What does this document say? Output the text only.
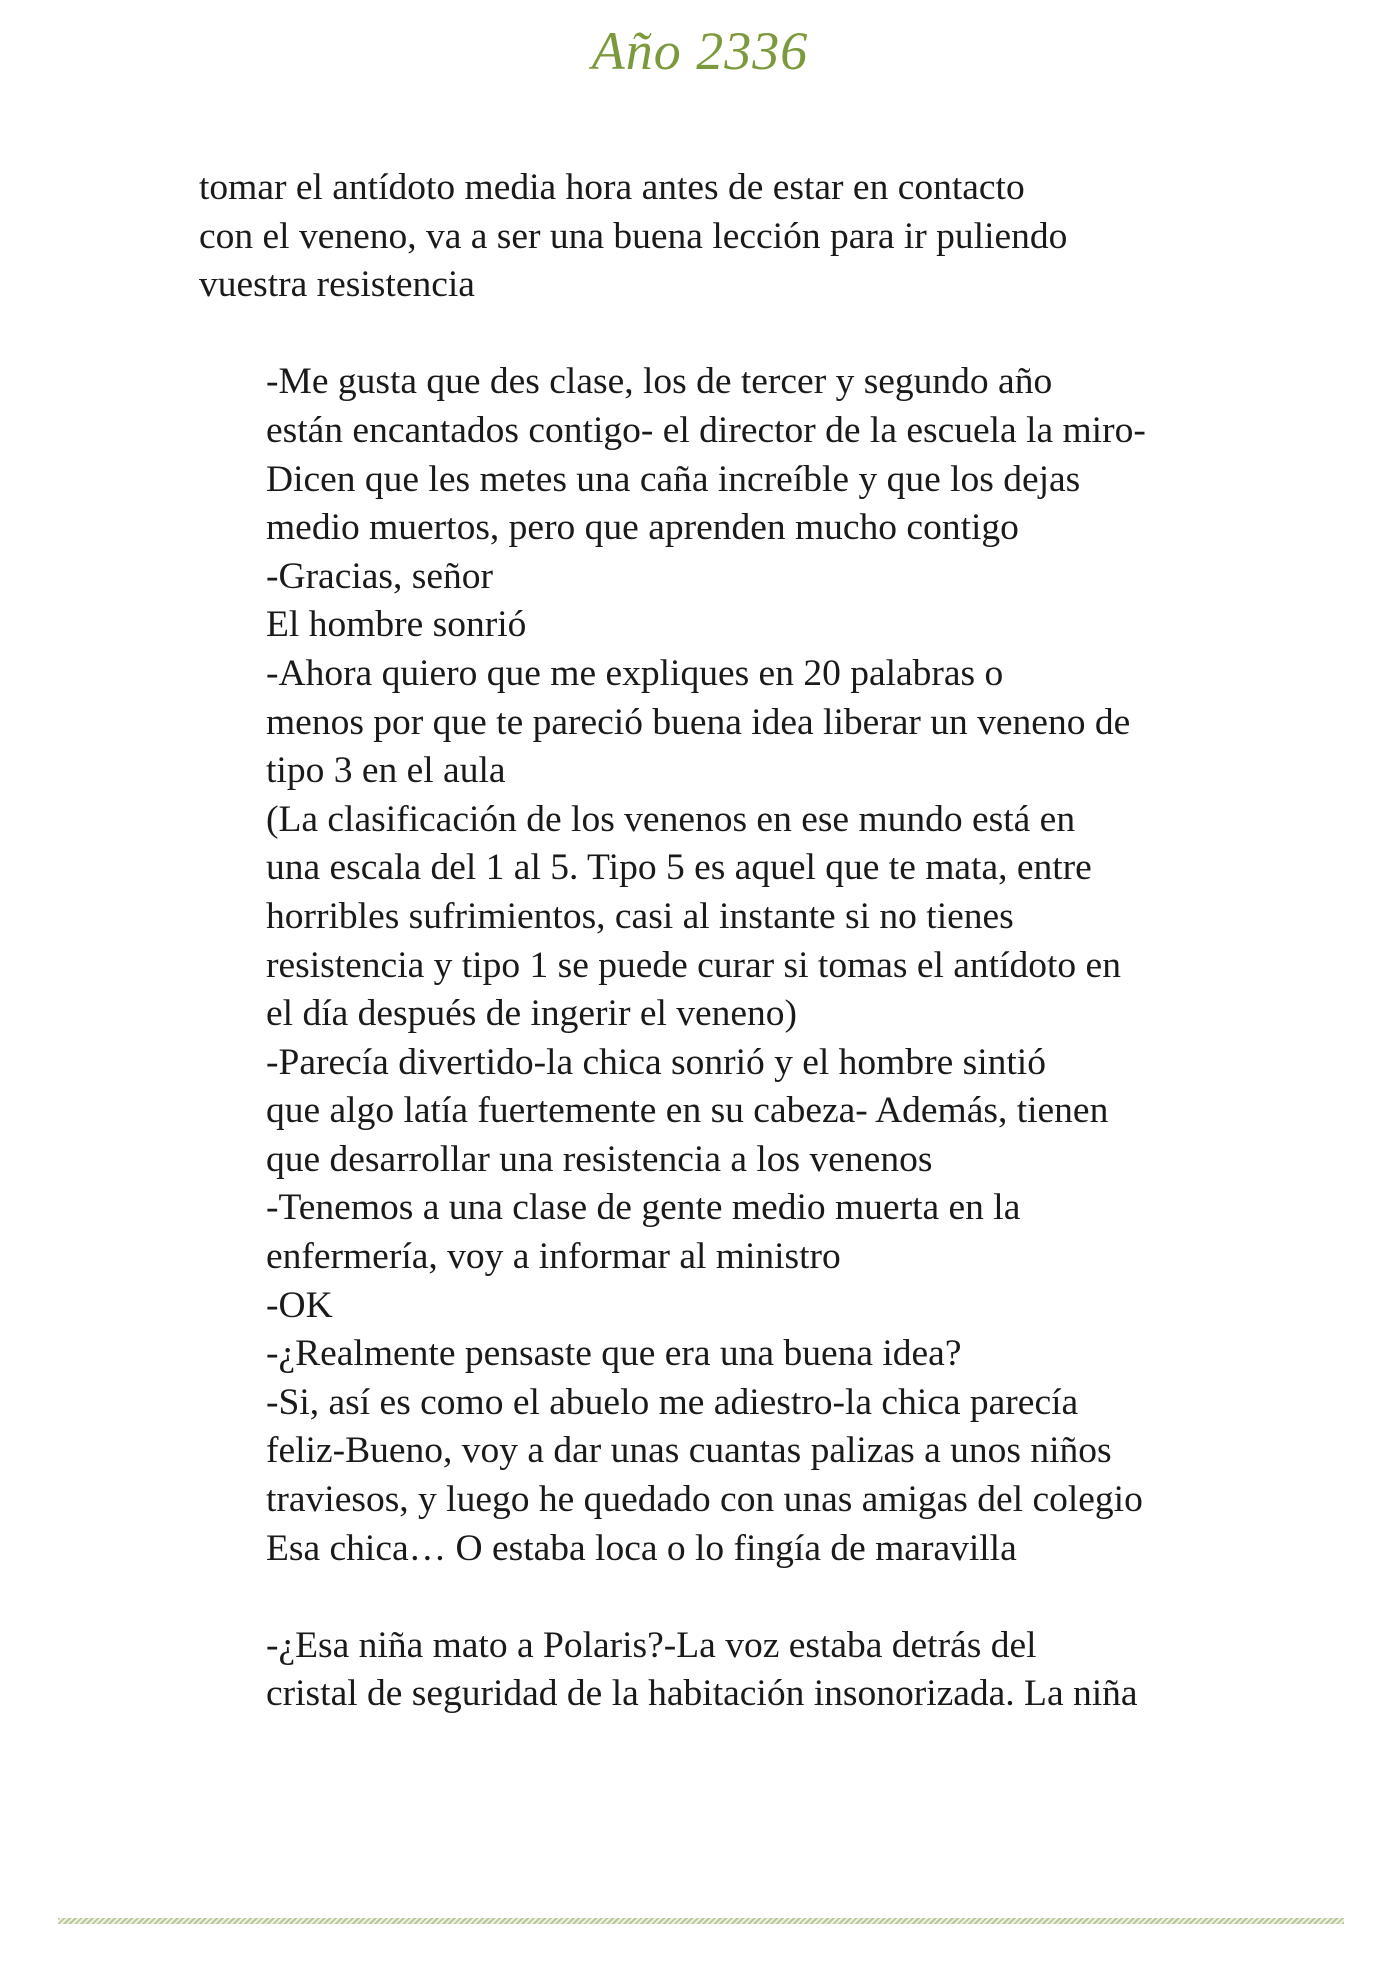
Año 2336

tomar el antídoto media hora antes de estar en contacto
con el veneno, va a ser una buena lección para ir puliendo
vuestra resistencia

-Me gusta que des clase, los de tercer y segundo año
están encantados contigo- el director de la escuela la miro-
Dicen que les metes una caña increíble y que los dejas
medio muertos, pero que aprenden mucho contigo

-Gracias, señor

El hombre sonrió

-Ahora quiero que me expliques en 20 palabras o
menos por que te pareció buena idea liberar un veneno de
tipo 3 en el aula

(La clasificación de los venenos en ese mundo está en
una escala del 1 al 5. Tipo 5 es aquel que te mata, entre
horribles sufrimientos, casi al instante si no tienes
resistencia y tipo 1 se puede curar si tomas el antídoto en
el día después de ingerir el veneno)

-Parecía divertido-la chica sonrió y el hombre sintió
que algo latía fuertemente en su cabeza- Además, tienen
que desarrollar una resistencia a los venenos

-Tenemos a una clase de gente medio muerta en la
enfermería, voy a informar al ministro

-OK

-¿Realmente pensaste que era una buena idea?

-Si, así es como el abuelo me adiestro-la chica parecía
feliz-Bueno, voy a dar unas cuantas palizas a unos niños
traviesos, y luego he quedado con unas amigas del colegio

Esa chica… O estaba loca o lo fingía de maravilla

-¿Esa niña mato a Polaris?-La voz estaba detrás del
cristal de seguridad de la habitación insonorizada. La niña
